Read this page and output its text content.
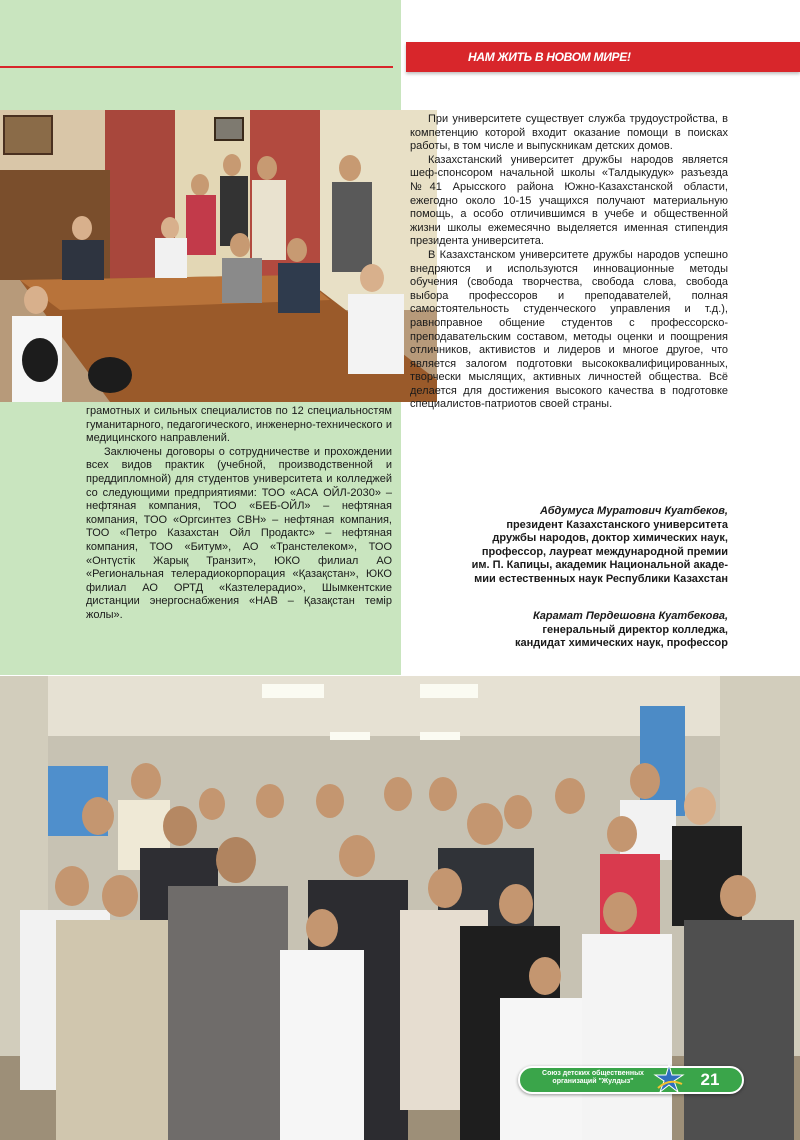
НАМ ЖИТЬ В НОВОМ МИРЕ!

грамотных и сильных специалистов по 12 специальностям гуманитарного, педагогического, инженерно-технического и медицинского направлений.

Заключены договоры о сотрудничестве и прохождении всех видов практик (учебной, производственной и преддипломной) для студентов университета и колледжей со следующими предприятиями: ТОО «АСА ОЙЛ-2030» – нефтяная компания, ТОО «БЕБ-ОЙЛ» – нефтяная компания, ТОО «Оргсинтез СВН» – нефтяная компания, ТОО «Петро Казахстан Ойл Продактс» – нефтяная компания, ТОО «Битум», АО «Транстелеком», ТОО «Онтүстік Жарық Транзит», ЮКО филиал АО «Региональная телерадиокорпорация «Қазақстан», ЮКО филиал АО ОРТД «Казтелерадио», Шымкентские дистанции энергоснабжения «НАВ – Қазақстан темір жолы».

При университете существует служба трудоустройства, в компетенцию которой входит оказание помощи в поисках работы, в том числе и выпускникам детских домов.

Казахстанский университет дружбы народов является шеф-спонсором начальной школы «Талдыкудук» разъезда №41 Арысского района Южно-Казахстанской области, ежегодно около 10-15 учащихся получают материальную помощь, а особо отличившимся в учебе и общественной жизни школы ежемесячно выделяется именная стипендия президента университета.

В Казахстанском университете дружбы народов успешно внедряются и используются инновационные методы обучения (свобода творчества, свобода слова, свобода выбора профессоров и преподавателей, полная самостоятельность студенческого управления и т.д.), равноправное общение студентов с профессорско-преподавательским составом, методы оценки и поощрения отличников, активистов и лидеров и многое другое, что является залогом подготовки высококвалифицированных, творчески мыслящих, активных личностей общества. Всё делается для достижения высокого качества в подготовке специалистов-патриотов своей страны.

Абдумуса Муратович Куатбеков,
президент Казахстанского университета
дружбы народов, доктор химических наук,
профессор, лауреат международной премии
им. П. Капицы, академик Национальной акаде-
мии естественных наук Республики Казахстан
Карамат Пердешовна Куатбекова,
генеральный директор колледжа,
кандидат химических наук, профессор
Союз детских общественных организаций "Жулдыз"	21
